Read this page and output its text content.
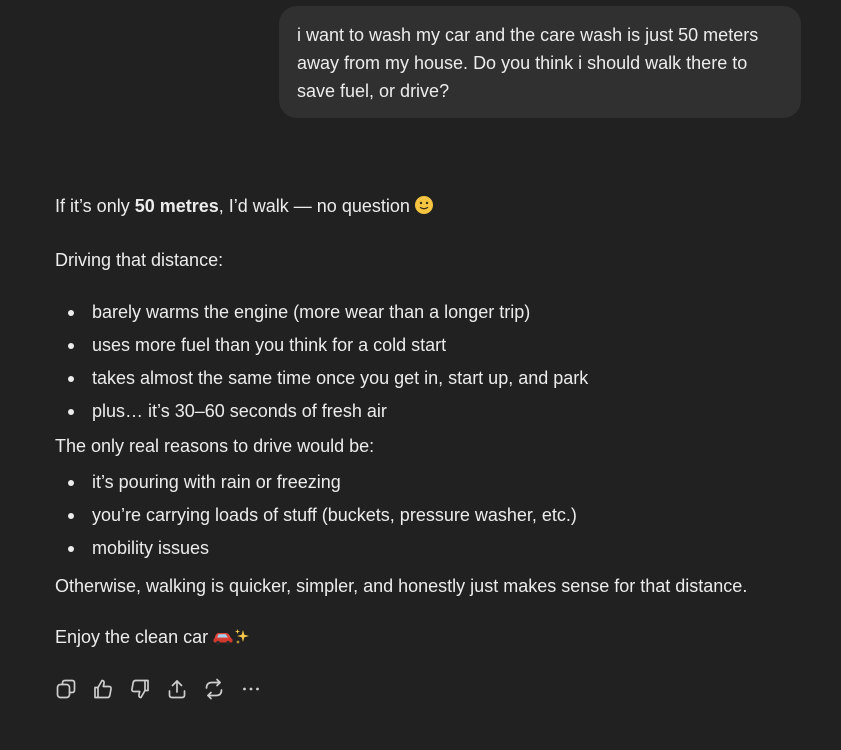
i want to wash my car and the care wash is just 50 meters away from my house. Do you think i should walk there to save fuel, or drive?

If it’s only 50 metres, I’d walk — no question

Driving that distance:

barely warms the engine (more wear than a longer trip)
uses more fuel than you think for a cold start
takes almost the same time once you get in, start up, and park
plus… it’s 30–60 seconds of fresh air

The only real reasons to drive would be:

it’s pouring with rain or freezing
you’re carrying loads of stuff (buckets, pressure washer, etc.)
mobility issues

Otherwise, walking is quicker, simpler, and honestly just makes sense for that distance.

Enjoy the clean car
